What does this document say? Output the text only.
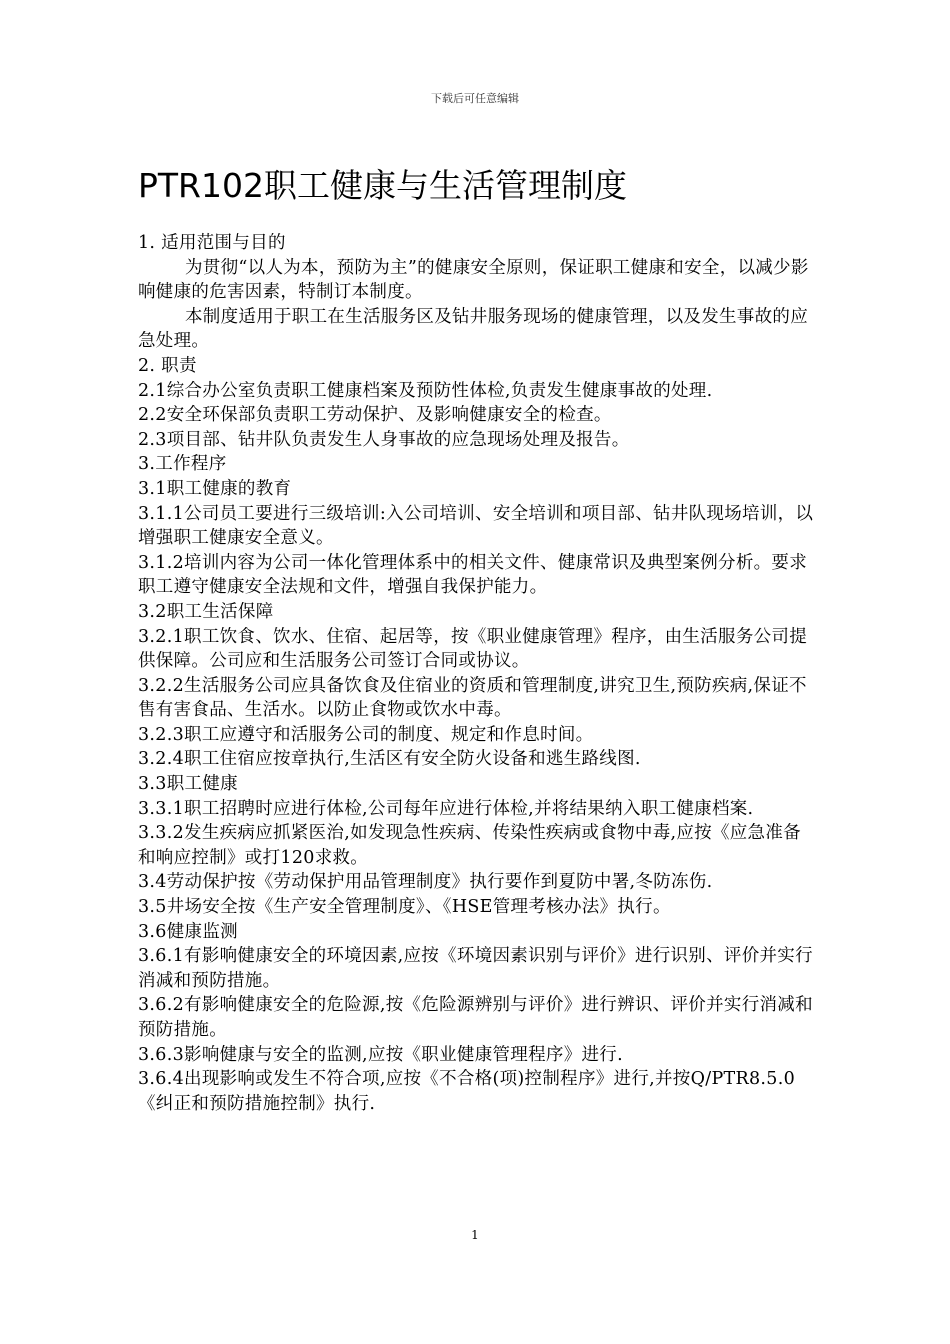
下载后可任意编辑
PTR102职工健康与生活管理制度

1. 适用范围与目的

为贯彻“以人为本，预防为主”的健康安全原则，保证职工健康和安全，以减少影响健康的危害因素，特制订本制度。

本制度适用于职工在生活服务区及钻井服务现场的健康管理，以及发生事故的应急处理。

2. 职责

2.1综合办公室负责职工健康档案及预防性体检,负责发生健康事故的处理.

2.2安全环保部负责职工劳动保护、及影响健康安全的检查。

2.3项目部、钻井队负责发生人身事故的应急现场处理及报告。

3.工作程序

3.1职工健康的教育

3.1.1公司员工要进行三级培训:入公司培训、安全培训和项目部、钻井队现场培训，以增强职工健康安全意义。

3.1.2培训内容为公司一体化管理体系中的相关文件、健康常识及典型案例分析。要求职工遵守健康安全法规和文件，增强自我保护能力。

3.2职工生活保障

3.2.1职工饮食、饮水、住宿、起居等，按《职业健康管理》程序，由生活服务公司提供保障。公司应和生活服务公司签订合同或协议。

3.2.2生活服务公司应具备饮食及住宿业的资质和管理制度,讲究卫生,预防疾病,保证不售有害食品、生活水。以防止食物或饮水中毒。

3.2.3职工应遵守和活服务公司的制度、规定和作息时间。

3.2.4职工住宿应按章执行,生活区有安全防火设备和逃生路线图.

3.3职工健康

3.3.1职工招聘时应进行体检,公司每年应进行体检,并将结果纳入职工健康档案.

3.3.2发生疾病应抓紧医治,如发现急性疾病、传染性疾病或食物中毒,应按《应急准备和响应控制》或打120求救。

3.4劳动保护按《劳动保护用品管理制度》执行要作到夏防中署,冬防冻伤.

3.5井场安全按《生产安全管理制度》、《HSE管理考核办法》执行。

3.6健康监测

3.6.1有影响健康安全的环境因素,应按《环境因素识别与评价》进行识别、评价并实行消减和预防措施。

3.6.2有影响健康安全的危险源,按《危险源辨别与评价》进行辨识、评价并实行消减和预防措施。

3.6.3影响健康与安全的监测,应按《职业健康管理程序》进行.

3.6.4出现影响或发生不符合项,应按《不合格(项)控制程序》进行,并按Q/PTR8.5.0《纠正和预防措施控制》执行.

1
